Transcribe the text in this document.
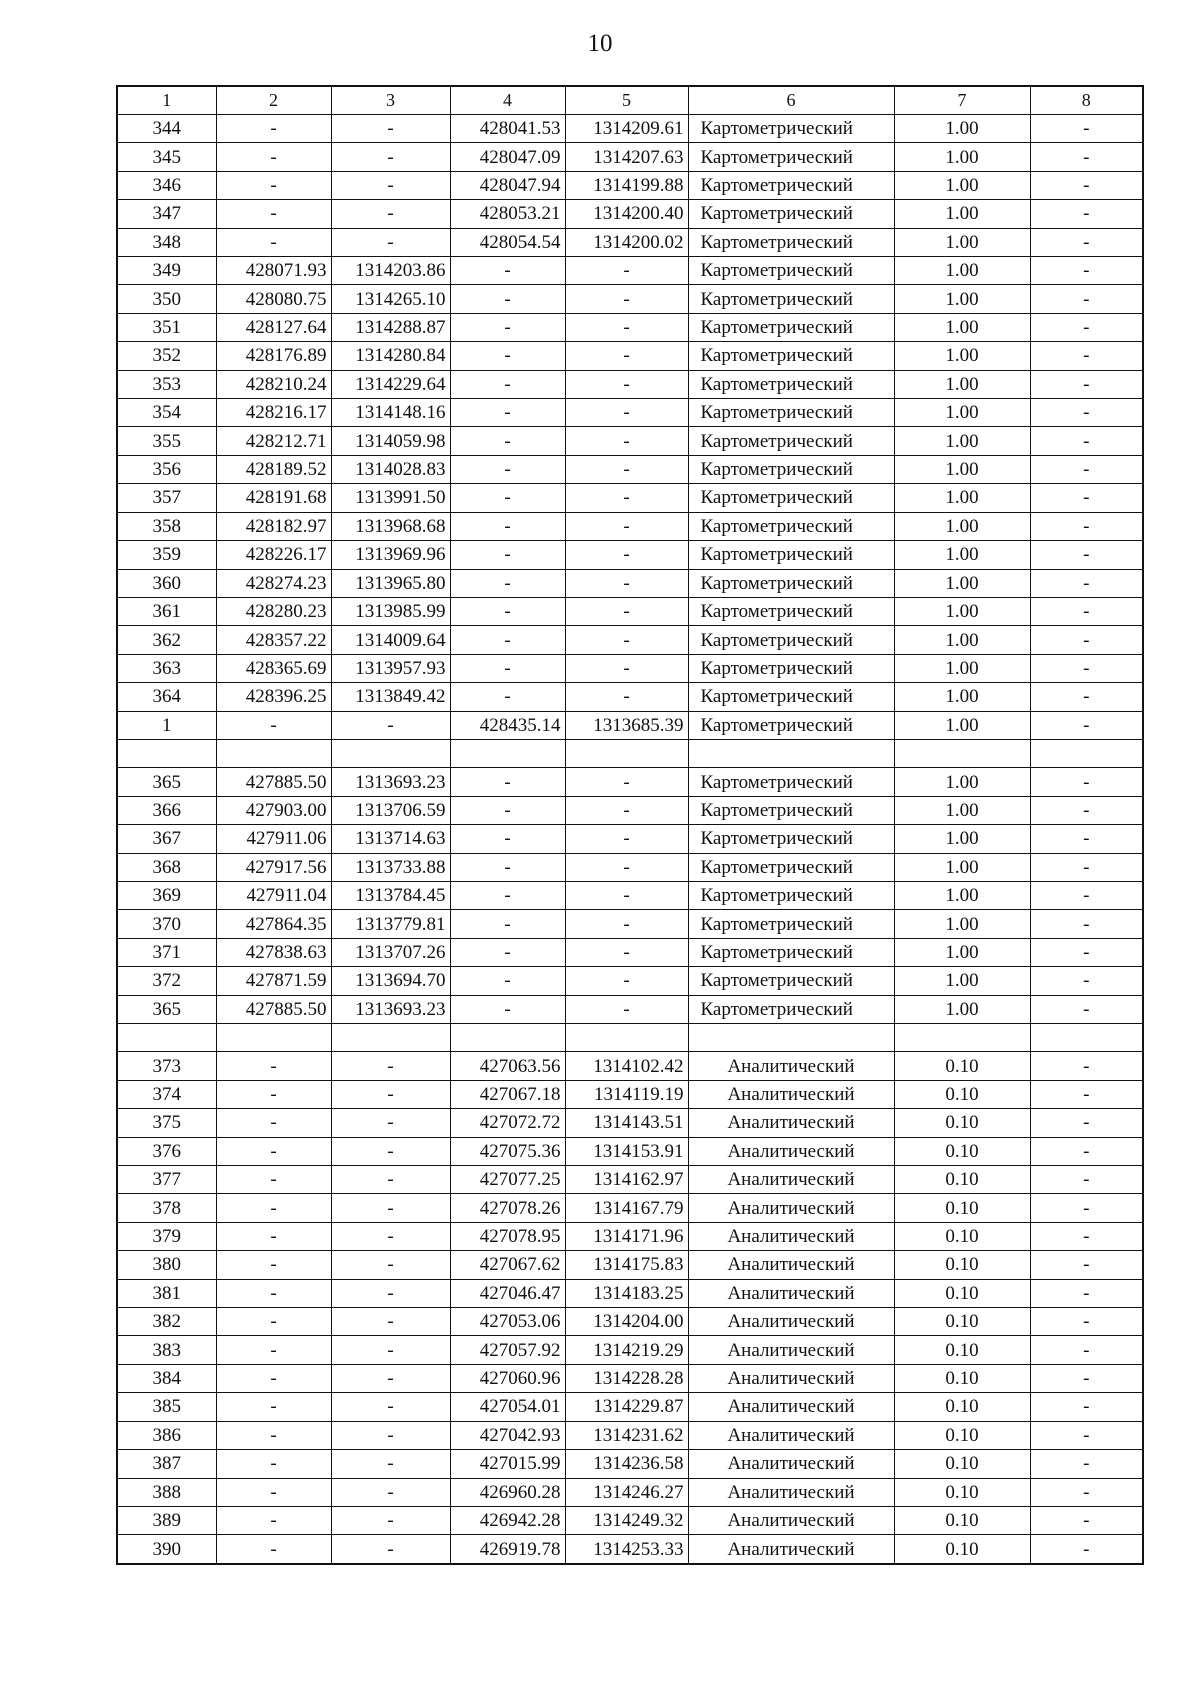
10
1	2	3	4	5	6	7	8
344	-	-	428041.53	1314209.61	Картометрический	1.00	-
345	-	-	428047.09	1314207.63	Картометрический	1.00	-
346	-	-	428047.94	1314199.88	Картометрический	1.00	-
347	-	-	428053.21	1314200.40	Картометрический	1.00	-
348	-	-	428054.54	1314200.02	Картометрический	1.00	-
349	428071.93	1314203.86	-	-	Картометрический	1.00	-
350	428080.75	1314265.10	-	-	Картометрический	1.00	-
351	428127.64	1314288.87	-	-	Картометрический	1.00	-
352	428176.89	1314280.84	-	-	Картометрический	1.00	-
353	428210.24	1314229.64	-	-	Картометрический	1.00	-
354	428216.17	1314148.16	-	-	Картометрический	1.00	-
355	428212.71	1314059.98	-	-	Картометрический	1.00	-
356	428189.52	1314028.83	-	-	Картометрический	1.00	-
357	428191.68	1313991.50	-	-	Картометрический	1.00	-
358	428182.97	1313968.68	-	-	Картометрический	1.00	-
359	428226.17	1313969.96	-	-	Картометрический	1.00	-
360	428274.23	1313965.80	-	-	Картометрический	1.00	-
361	428280.23	1313985.99	-	-	Картометрический	1.00	-
362	428357.22	1314009.64	-	-	Картометрический	1.00	-
363	428365.69	1313957.93	-	-	Картометрический	1.00	-
364	428396.25	1313849.42	-	-	Картометрический	1.00	-
1	-	-	428435.14	1313685.39	Картометрический	1.00	-

365	427885.50	1313693.23	-	-	Картометрический	1.00	-
366	427903.00	1313706.59	-	-	Картометрический	1.00	-
367	427911.06	1313714.63	-	-	Картометрический	1.00	-
368	427917.56	1313733.88	-	-	Картометрический	1.00	-
369	427911.04	1313784.45	-	-	Картометрический	1.00	-
370	427864.35	1313779.81	-	-	Картометрический	1.00	-
371	427838.63	1313707.26	-	-	Картометрический	1.00	-
372	427871.59	1313694.70	-	-	Картометрический	1.00	-
365	427885.50	1313693.23	-	-	Картометрический	1.00	-

373	-	-	427063.56	1314102.42	Аналитический	0.10	-
374	-	-	427067.18	1314119.19	Аналитический	0.10	-
375	-	-	427072.72	1314143.51	Аналитический	0.10	-
376	-	-	427075.36	1314153.91	Аналитический	0.10	-
377	-	-	427077.25	1314162.97	Аналитический	0.10	-
378	-	-	427078.26	1314167.79	Аналитический	0.10	-
379	-	-	427078.95	1314171.96	Аналитический	0.10	-
380	-	-	427067.62	1314175.83	Аналитический	0.10	-
381	-	-	427046.47	1314183.25	Аналитический	0.10	-
382	-	-	427053.06	1314204.00	Аналитический	0.10	-
383	-	-	427057.92	1314219.29	Аналитический	0.10	-
384	-	-	427060.96	1314228.28	Аналитический	0.10	-
385	-	-	427054.01	1314229.87	Аналитический	0.10	-
386	-	-	427042.93	1314231.62	Аналитический	0.10	-
387	-	-	427015.99	1314236.58	Аналитический	0.10	-
388	-	-	426960.28	1314246.27	Аналитический	0.10	-
389	-	-	426942.28	1314249.32	Аналитический	0.10	-
390	-	-	426919.78	1314253.33	Аналитический	0.10	-
